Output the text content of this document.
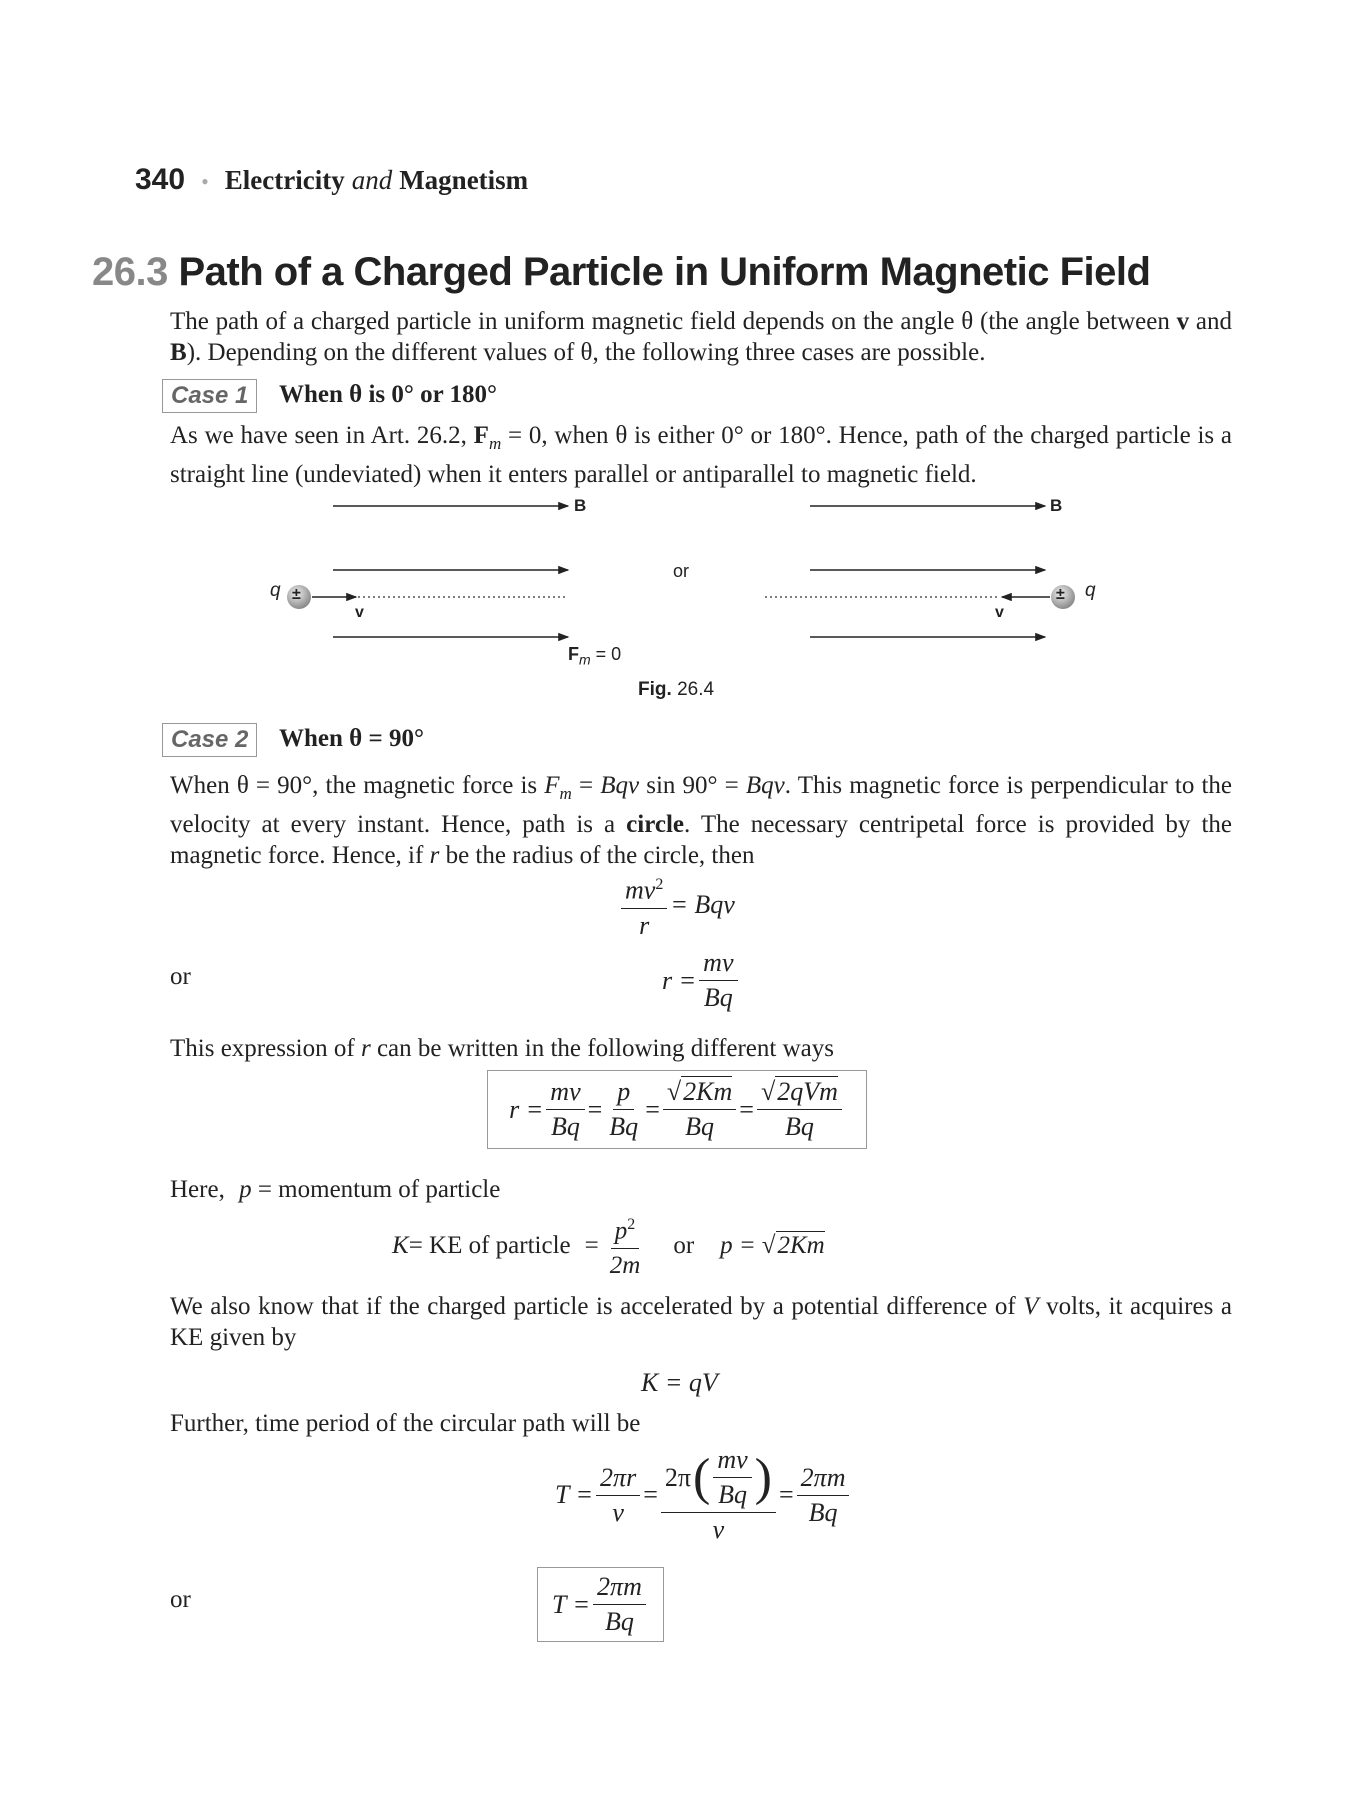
340 • Electricity and Magnetism
26.3 Path of a Charged Particle in Uniform Magnetic Field
The path of a charged particle in uniform magnetic field depends on the angle θ (the angle between v and B). Depending on the different values of θ, the following three cases are possible.
Case 1	When θ is 0° or 180°
As we have seen in Art. 26.2, $F_m = 0$, when θ is either 0° or 180°. Hence, path of the charged particle is a straight line (undeviated) when it enters parallel or antiparallel to magnetic field.
B	B
q ±
v
or
v
± q
$F_m = 0$
Fig. 26.4
Case 2	When θ = 90°
When θ = 90°, the magnetic force is $F_m$ = Bqv sin 90° = Bqv. This magnetic force is perpendicular to the velocity at every instant. Hence, path is a circle. The necessary centripetal force is provided by the magnetic force. Hence, if r be the radius of the circle, then
$\frac{mv^2}{r}$ = Bqv
or	$r = \frac{mv}{Bq}$
This expression of r can be written in the following different ways
$r = \frac{mv}{Bq} = \frac{p}{Bq} = \frac{√2Km}{Bq} = \frac{\text{√2qVm}}{Bq}$
Here, p = momentum of particle
K = KE of particle = $\frac{p^2}{2m}$ or p = √ 2Km
We also know that if the charged particle is accelerated by a potential difference of V volts, it acquires a KE given by
K = qV
Further, time period of the circular path will be
$T = \frac{2\pi r}{v} = \frac{2\pi ( \frac{mv}{Bq} )}{v} = \frac{2\pi m}{Bq}$
or	$T = \frac{2\pi m}{Bq}$
